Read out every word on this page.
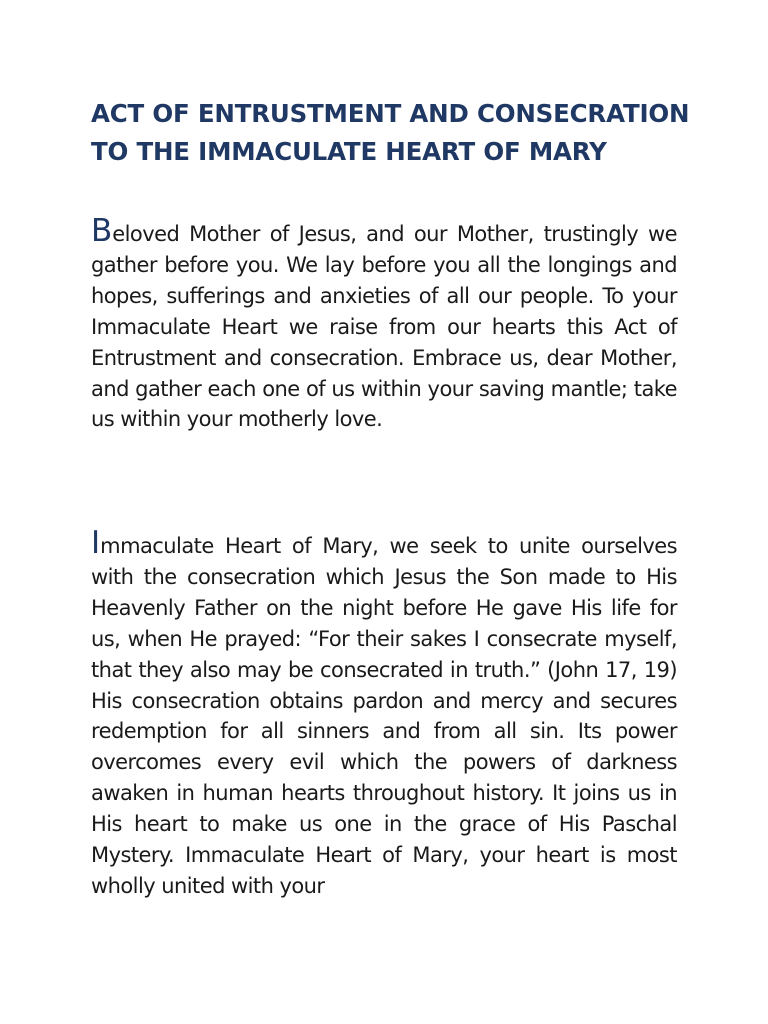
ACT OF ENTRUSTMENT AND CONSECRATION
TO THE IMMACULATE HEART OF MARY

Beloved Mother of Jesus, and our Mother, trustingly we gather before you. We lay before you all the longings and hopes, sufferings and anxieties of all our people. To your Immaculate Heart we raise from our hearts this Act of Entrustment and consecration. Embrace us, dear Mother, and gather each one of us within your saving mantle; take us within your motherly love.

Immaculate Heart of Mary, we seek to unite ourselves with the consecration which Jesus the Son made to His Heavenly Father on the night before He gave His life for us, when He prayed: “For their sakes I consecrate myself, that they also may be consecrated in truth.” (John 17, 19) His consecration obtains pardon and mercy and secures redemption for all sinners and from all sin. Its power overcomes every evil which the powers of darkness awaken in human hearts throughout history. It joins us in His heart to make us one in the grace of His Paschal Mystery. Immaculate Heart of Mary, your heart is most wholly united with your
